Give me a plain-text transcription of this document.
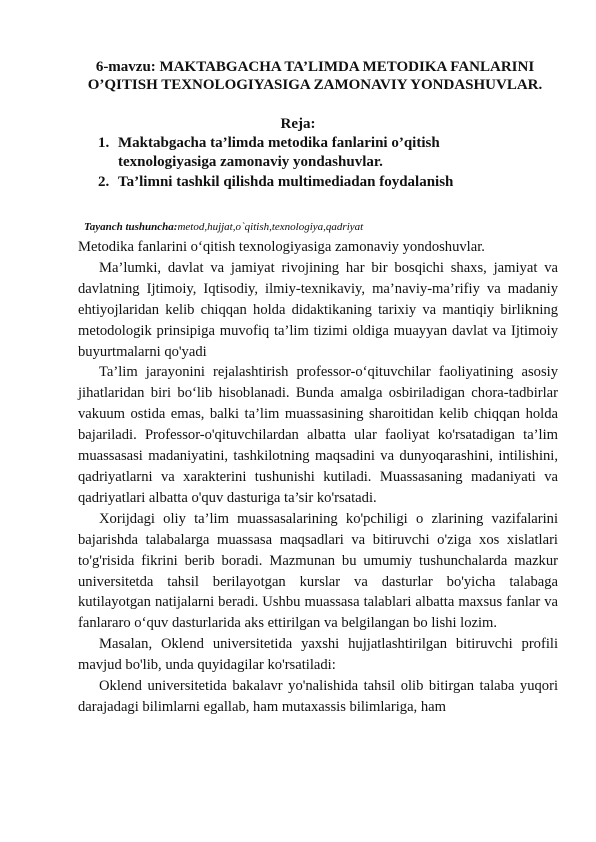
6-mavzu: MAKTABGACHA TA’LIMDA METODIKA FANLARINI O’QITISH TEXNOLOGIYASIGA ZAMONAVIY YONDASHUVLAR.
Reja:
1. Maktabgacha ta’limda metodika fanlarini o’qitish texnologiyasiga zamonaviy yondashuvlar.
2. Ta’limni tashkil qilishda multimediadan foydalanish
Tayanch tushuncha:metod,hujjat,o`qitish,texnologiya,qadriyat

Metodika fanlarini o‘qitish texnologiyasiga zamonaviy yondoshuvlar.

Ma’lumki, davlat va jamiyat rivojining har bir bosqichi shaxs, jamiyat va davlatning Ijtimoiy, Iqtisodiy, ilmiy-texnikaviy, ma’naviy-ma’rifiy va madaniy ehtiyojlaridan kelib chiqqan holda didaktikaning tarixiy va mantiqiy birlikning metodologik prinsipiga muvofiq ta’lim tizimi oldiga muayyan davlat va Ijtimoiy buyurtmalarni qo'yadi

Ta’lim jarayonini rejalashtirish professor-o‘qituvchilar faoliyatining asosiy jihatlaridan biri bo‘lib hisoblanadi. Bunda amalga osbiriladigan chora-tadbirlar vakuum ostida emas, balki ta’lim muassasining sharoitidan kelib chiqqan holda bajariladi. Professor-o'qituvchilardan albatta ular faoliyat ko'rsatadigan ta’lim muassasasi madaniyatini, tashkilotning maqsadini va dunyoqarashini, intilishini, qadriyatlarni va xarakterini tushunishi kutiladi. Muassasaning madaniyati va qadriyatlari albatta o'quv dasturiga ta’sir ko'rsatadi.

Xorijdagi oliy ta’lim muassasalarining ko'pchiligi o zlarining vazifalarini bajarishda talabalarga muassasa maqsadlari va bitiruvchi o'ziga xos xislatlari to'g'risida fikrini berib boradi. Mazmunan bu umumiy tushunchalarda mazkur universitetda tahsil berilayotgan kurslar va dasturlar bo'yicha talabaga kutilayotgan natijalarni beradi. Ushbu muassasa talablari albatta maxsus fanlar va fanlararo o‘quv dasturlarida aks ettirilgan va belgilangan bo lishi lozim.

Masalan, Oklend universitetida yaxshi hujjatlashtirilgan bitiruvchi profili mavjud bo'lib, unda quyidagilar ko'rsatiladi:

Oklend universitetida bakalavr yo'nalishida tahsil olib bitirgan talaba yuqori darajadagi bilimlarni egallab, ham mutaxassis bilimlariga, ham
